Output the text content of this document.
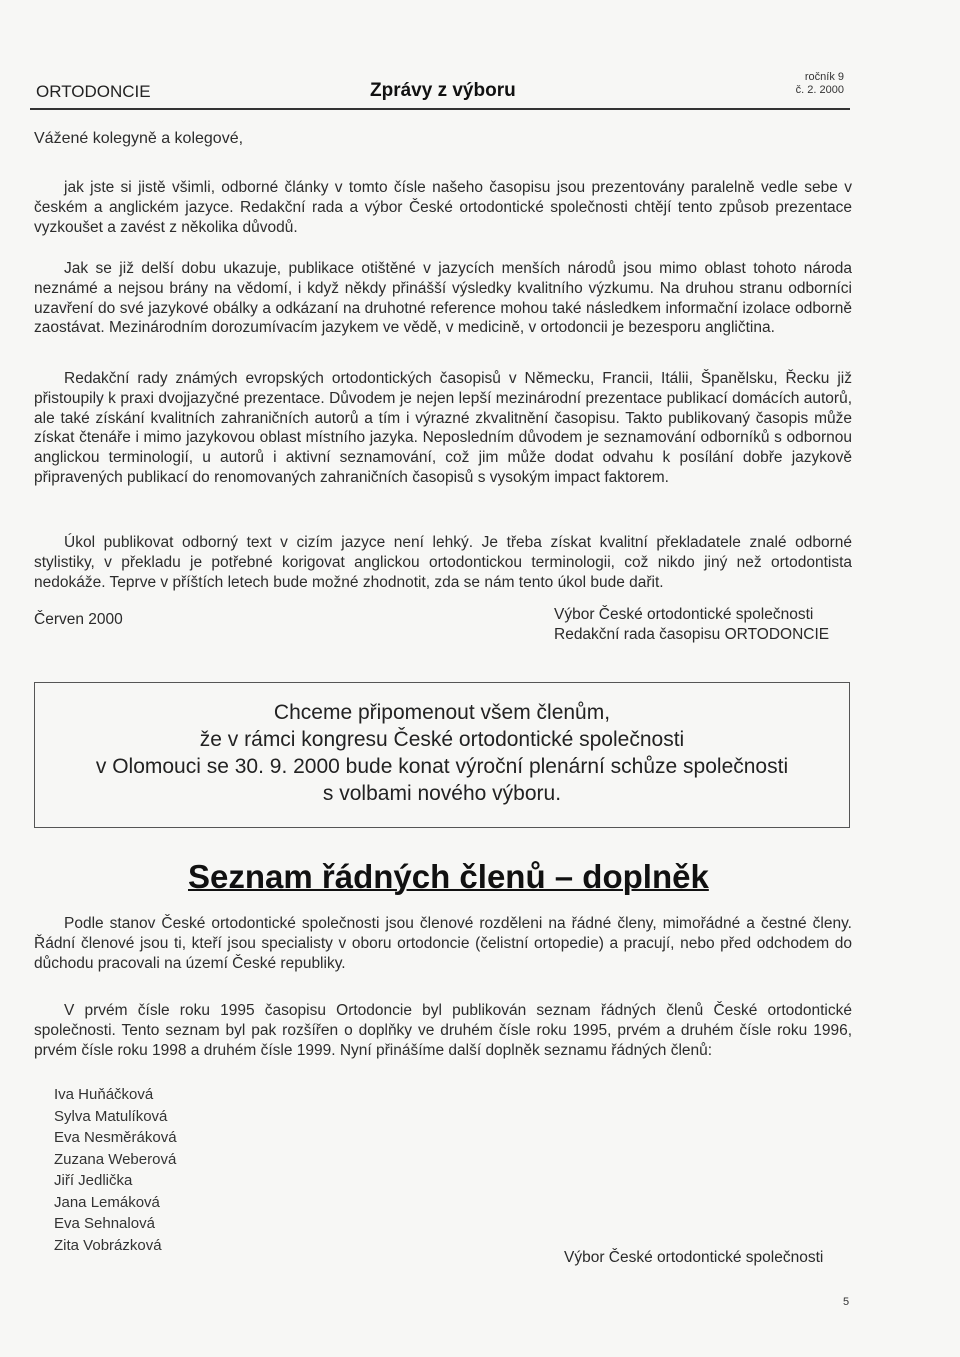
ORTODONCIE	Zprávy z výboru
ročník 9
č. 2. 2000
Vážené kolegyně a kolegové,

jak jste si jistě všimli, odborné články v tomto čísle našeho časopisu jsou prezentovány paralelně vedle sebe v českém a anglickém jazyce. Redakční rada a výbor České ortodontické společnosti chtějí tento způsob prezentace vyzkoušet a zavést z několika důvodů.

Jak se již delší dobu ukazuje, publikace otištěné v jazycích menších národů jsou mimo oblast tohoto národa neznámé a nejsou brány na vědomí, i když někdy přinášší výsledky kvalitního výzkumu. Na druhou stranu odborníci uzavření do své jazykové obálky a odkázaní na druhotné reference mohou také následkem informační izolace odborně zaostávat. Mezinárodním dorozumívacím jazykem ve vědě, v medicině, v ortodoncii je bezesporu angličtina.

Redakční rady známých evropských ortodontických časopisů v Německu, Francii, Itálii, Španělsku, Řecku již přistoupily k praxi dvojjazyčné prezentace. Důvodem je nejen lepší mezinárodní prezentace publikací domácích autorů, ale také získání kvalitních zahraničních autorů a tím i výrazné zkvalitnění časopisu. Takto publikovaný časopis může získat čtenáře i mimo jazykovou oblast místního jazyka. Neposledním důvodem je seznamování odborníků s odbornou anglickou terminologií, u autorů i aktivní seznamování, což jim může dodat odvahu k posílání dobře jazykově připravených publikací do renomovaných zahraničních časopisů s vysokým impact faktorem.

Úkol publikovat odborný text v cizím jazyce není lehký. Je třeba získat kvalitní překladatele znalé odborné stylistiky, v překladu je potřebné korigovat anglickou ortodontickou terminologii, což nikdo jiný než ortodontista nedokáže. Teprve v příštích letech bude možné zhodnotit, zda se nám tento úkol bude dařit.

Červen 2000	Výbor České ortodontické společnosti
Redakční rada časopisu ORTODONCIE
Chceme připomenout všem členům,
že v rámci kongresu České ortodontické společnosti
v Olomouci se 30. 9. 2000 bude konat výroční plenární schůze společnosti
s volbami nového výboru.
Seznam řádných členů – doplněk

Podle stanov České ortodontické společnosti jsou členové rozděleni na řádné členy, mimořádné a čestné členy. Řádní členové jsou ti, kteří jsou specialisty v oboru ortodoncie (čelistní ortopedie) a pracují, nebo před odchodem do důchodu pracovali na území České republiky.

V prvém čísle roku 1995 časopisu Ortodoncie byl publikován seznam řádných členů České ortodontické společnosti. Tento seznam byl pak rozšířen o doplňky ve druhém čísle roku 1995, prvém a druhém čísle roku 1996, prvém čísle roku 1998 a druhém čísle 1999. Nyní přinášíme další doplněk seznamu řádných členů:

Iva Huňáčková
Sylva Matulíková
Eva Nesměráková
Zuzana Weberová
Jiří Jedlička
Jana Lemáková
Eva Sehnalová
Zita Vobrázková
Výbor České ortodontické společnosti
5
